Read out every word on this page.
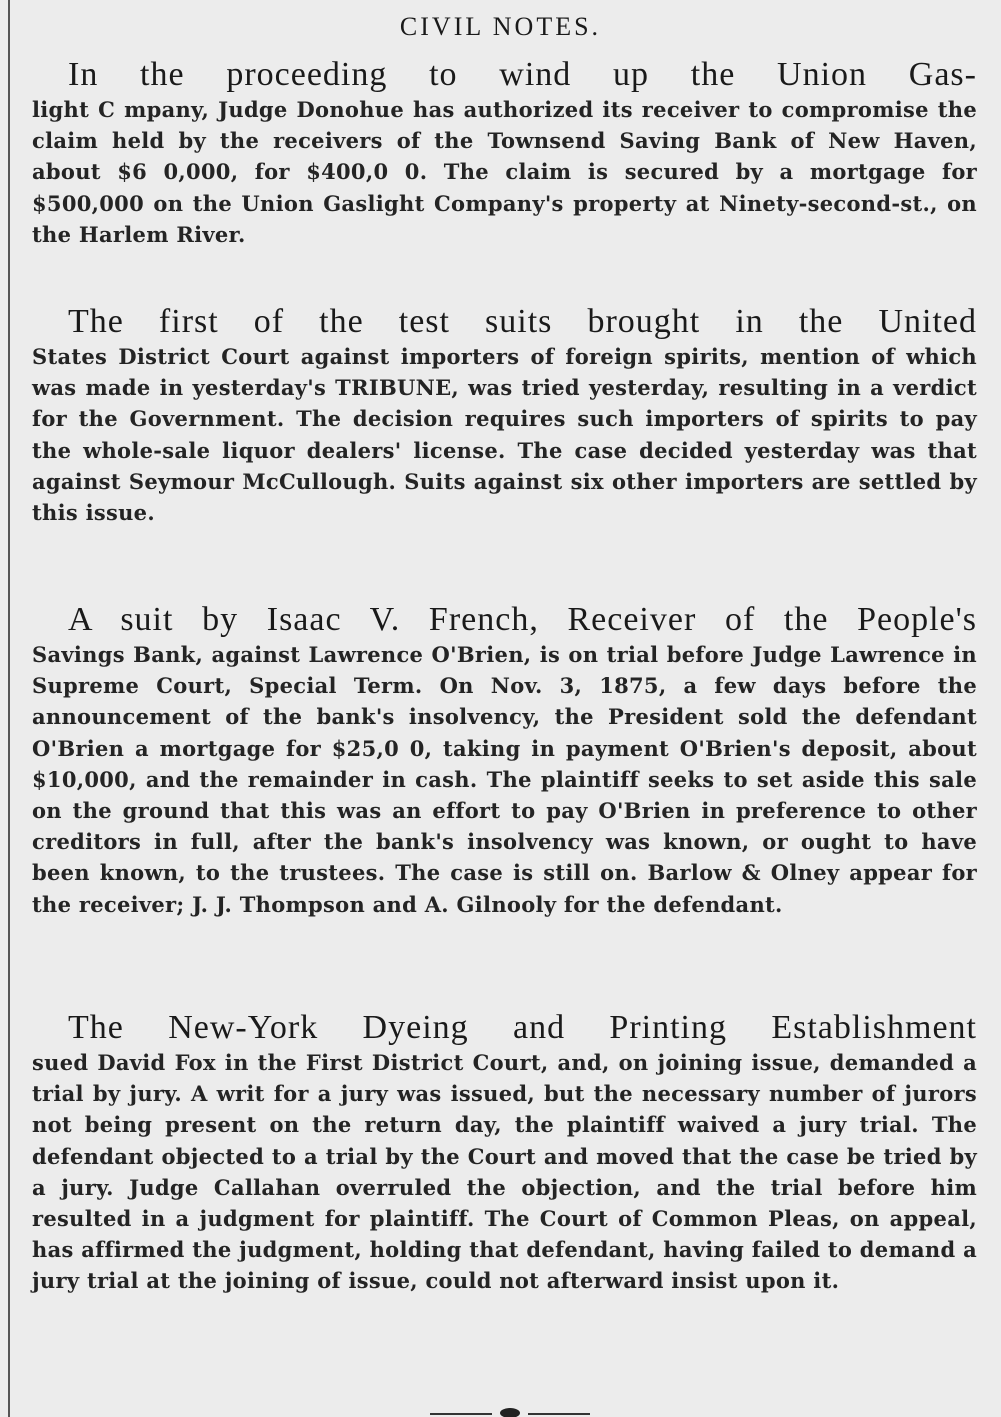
CIVIL NOTES.
In the proceeding to wind up the Union Gas-
light C mpany, Judge Donohue has authorized its receiver to compromise the claim held by the receivers of the Townsend Saving Bank of New Haven, about $6 0,000, for $400,0 0. The claim is secured by a mortgage for $500,000 on the Union Gaslight Company's property at Ninety-second-st., on the Harlem River.
The first of the test suits brought in the United
States District Court against importers of foreign spirits, mention of which was made in yesterday's TRIBUNE, was tried yesterday, resulting in a verdict for the Government. The decision requires such importers of spirits to pay the whole-sale liquor dealers' license. The case decided yesterday was that against Seymour McCullough. Suits against six other importers are settled by this issue.
A suit by Isaac V. French, Receiver of the People's
Savings Bank, against Lawrence O'Brien, is on trial before Judge Lawrence in Supreme Court, Special Term. On Nov. 3, 1875, a few days before the announcement of the bank's insolvency, the President sold the defendant O'Brien a mortgage for $25,0 0, taking in payment O'Brien's deposit, about $10,000, and the remainder in cash. The plaintiff seeks to set aside this sale on the ground that this was an effort to pay O'Brien in preference to other creditors in full, after the bank's insolvency was known, or ought to have been known, to the trustees. The case is still on. Barlow & Olney appear for the receiver; J. J. Thompson and A. Gilnooly for the defendant.
The New-York Dyeing and Printing Establishment
sued David Fox in the First District Court, and, on joining issue, demanded a trial by jury. A writ for a jury was issued, but the necessary number of jurors not being present on the return day, the plaintiff waived a jury trial. The defendant objected to a trial by the Court and moved that the case be tried by a jury. Judge Callahan overruled the objection, and the trial before him resulted in a judgment for plaintiff. The Court of Common Pleas, on appeal, has affirmed the judgment, holding that defendant, having failed to demand a jury trial at the joining of issue, could not afterward insist upon it.
